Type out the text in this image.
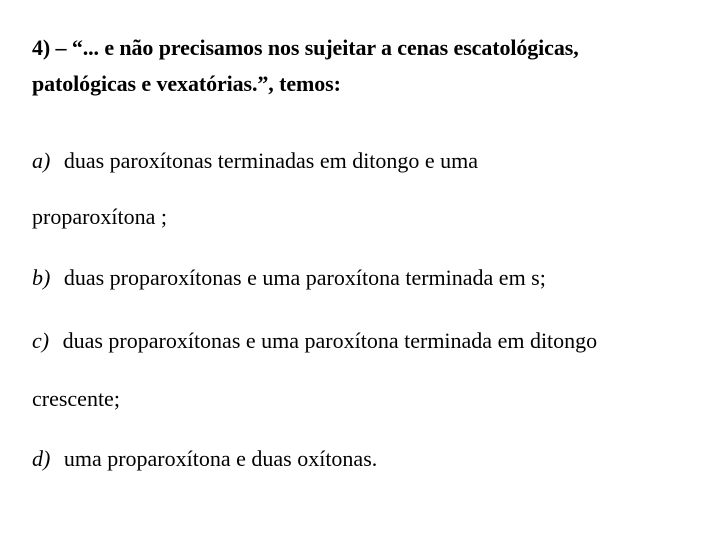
4) – “... e não precisamos nos sujeitar a cenas escatológicas,
patológicas e vexatórias.”, temos:
a) duas paroxítonas terminadas em ditongo e uma
proparoxítona ;
b) duas proparoxítonas e uma paroxítona terminada em s;
c) duas proparoxítonas e uma paroxítona terminada em ditongo
crescente;
d) uma proparoxítona e duas oxítonas.
